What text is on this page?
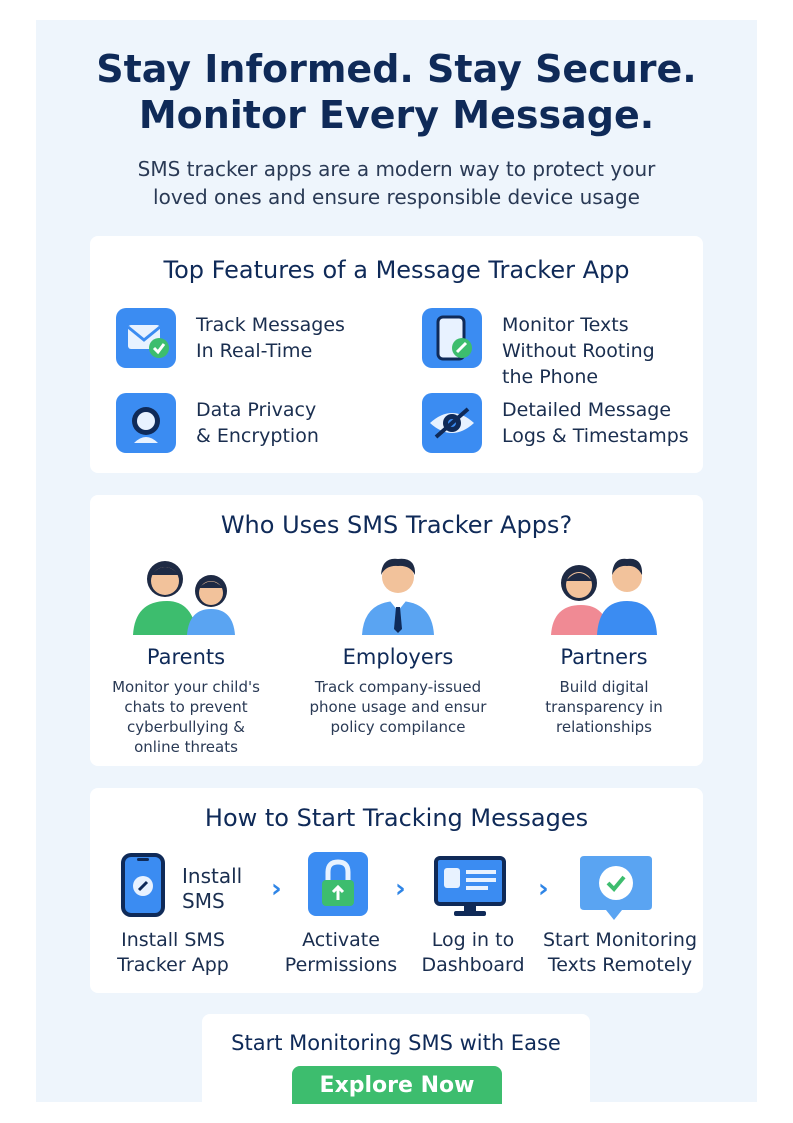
Stay Informed. Stay Secure.
Monitor Every Message.
SMS tracker apps are a modern way to protect your
loved ones and ensure responsible device usage
Top Features of a Message Tracker App
Track Messages
In Real-Time
Monitor Texts
Without Rooting
the Phone
Data Privacy
& Encryption
Detailed Message
Logs & Timestamps
Who Uses SMS Tracker Apps?
Parents
Monitor your child's
chats to prevent
cyberbullying &
online threats
Employers
Track company-issued
phone usage and ensur
policy compilance
Partners
Build digital
transparency in
relationships
How to Start Tracking Messages
Install
SMS	›	›	›
Install SMS
Tracker App
Activate
Permissions
Log in to
Dashboard
Start Monitoring
Texts Remotely
Start Monitoring SMS with Ease
Explore Now
